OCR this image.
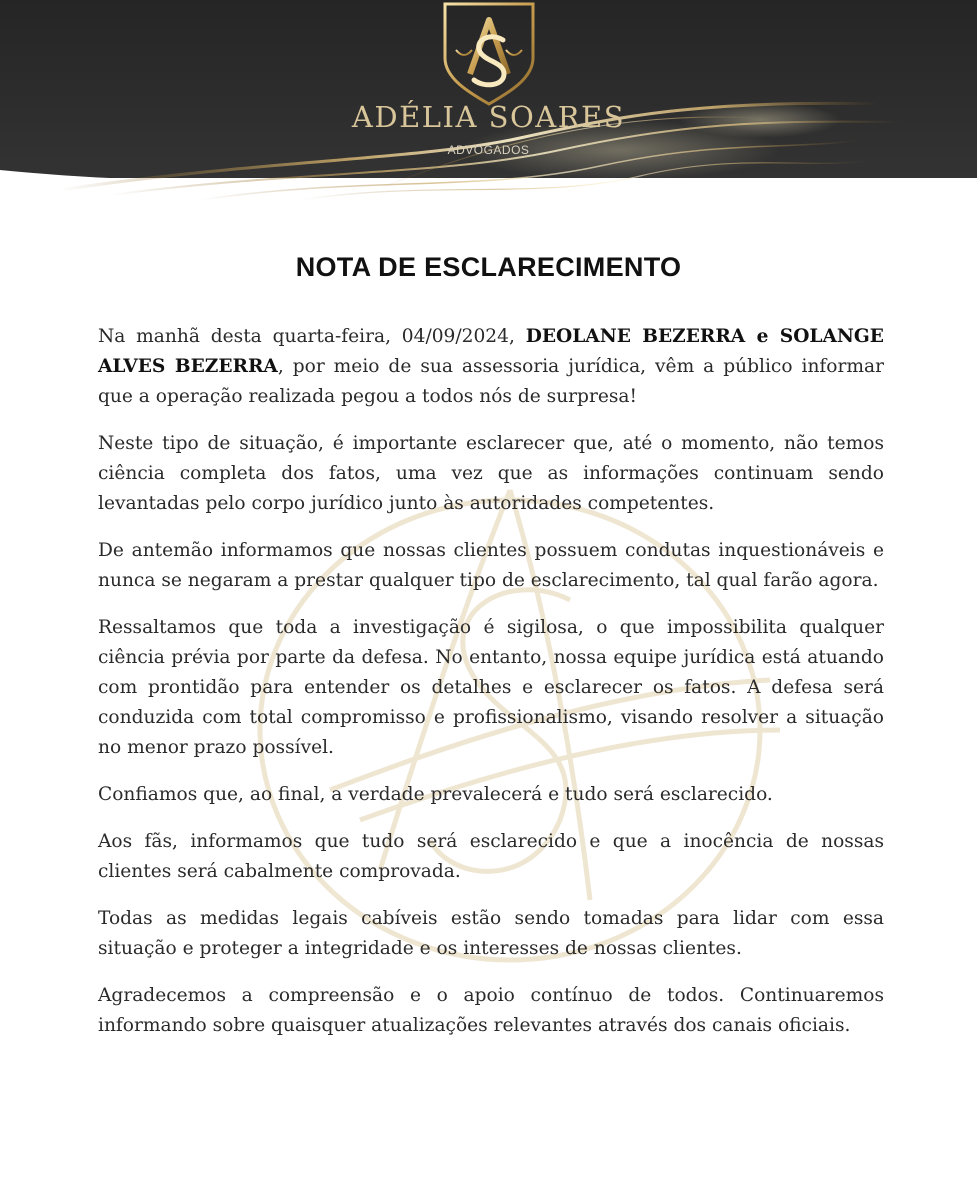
ADÉLIA SOARES
ADVOGADOS
NOTA DE ESCLARECIMENTO

Na manhã desta quarta-feira, 04/09/2024, DEOLANE BEZERRA e SOLANGE ALVES BEZERRA, por meio de sua assessoria jurídica, vêm a público informar que a operação realizada pegou a todos nós de surpresa!

Neste tipo de situação, é importante esclarecer que, até o momento, não temos ciência completa dos fatos, uma vez que as informações continuam sendo levantadas pelo corpo jurídico junto às autoridades competentes.

De antemão informamos que nossas clientes possuem condutas inquestionáveis e nunca se negaram a prestar qualquer tipo de esclarecimento, tal qual farão agora.

Ressaltamos que toda a investigação é sigilosa, o que impossibilita qualquer ciência prévia por parte da defesa. No entanto, nossa equipe jurídica está atuando com prontidão para entender os detalhes e esclarecer os fatos. A defesa será conduzida com total compromisso e profissionalismo, visando resolver a situação no menor prazo possível.

Confiamos que, ao final, a verdade prevalecerá e tudo será esclarecido.

Aos fãs, informamos que tudo será esclarecido e que a inocência de nossas clientes será cabalmente comprovada.

Todas as medidas legais cabíveis estão sendo tomadas para lidar com essa situação e proteger a integridade e os interesses de nossas clientes.

Agradecemos a compreensão e o apoio contínuo de todos. Continuaremos informando sobre quaisquer atualizações relevantes através dos canais oficiais.
